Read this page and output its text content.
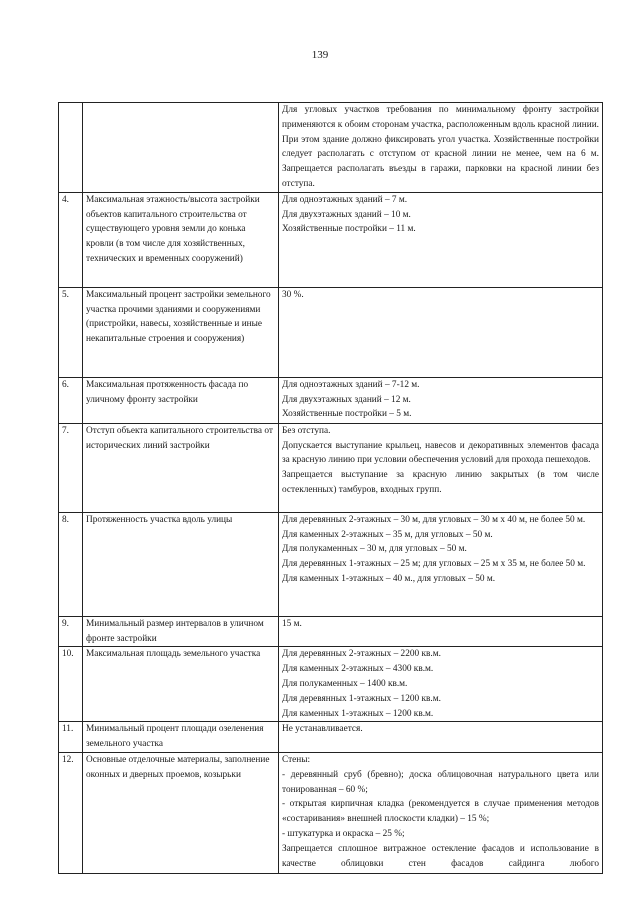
139

		Для угловых участков требования по минимальному фронту застройки применяются к обоим сторонам участка, расположенным вдоль красной линии. При этом здание должно фиксировать угол участка. Хозяйственные постройки следует располагать с отступом от красной линии не менее, чем на 6 м. Запрещается располагать въезды в гаражи, парковки на красной линии без отступа.

4.	Максимальная этажность/высота застройки объектов капитального строительства от существующего уровня земли до конька кровли (в том числе для хозяйственных, технических и временных сооружений)	Для одноэтажных зданий – 7 м.

Для двухэтажных зданий – 10 м.

Хозяйственные постройки – 11 м.

5.	Максимальный процент застройки земельного участка прочими зданиями и сооружениями (пристройки, навесы, хозяйственные и иные некапитальные строения и сооружения)	30 %.

6.	Максимальная протяженность фасада по уличному фронту застройки	Для одноэтажных зданий – 7-12 м.

Для двухэтажных зданий – 12 м.

Хозяйственные постройки – 5 м.

7.	Отступ объекта капитального строительства от исторических линий застройки	Без отступа.

Допускается выступание крыльец, навесов и декоративных элементов фасада за красную линию при условии обеспечения условий для прохода пешеходов.

Запрещается выступание за красную линию закрытых (в том числе остекленных) тамбуров, входных групп.

8.	Протяженность участка вдоль улицы	Для деревянных 2-этажных – 30 м, для угловых – 30 м х 40 м, не более 50 м.

Для каменных 2-этажных – 35 м, для угловых – 50 м.

Для полукаменных – 30 м, для угловых – 50 м.

Для деревянных 1-этажных – 25 м; для угловых – 25 м х 35 м, не более 50 м.

Для каменных 1-этажных – 40 м., для угловых – 50 м.

9.	Минимальный размер интервалов в уличном фронте застройки	15 м.

10.	Максимальная площадь земельного участка	Для деревянных 2-этажных – 2200 кв.м.

Для каменных 2-этажных – 4300 кв.м.

Для полукаменных – 1400 кв.м.

Для деревянных 1-этажных – 1200 кв.м.

Для каменных 1-этажных – 1200 кв.м.

11.	Минимальный процент площади озеленения земельного участка	Не устанавливается.

12.	Основные отделочные материалы, заполнение оконных и дверных проемов, козырьки	Стены:

- деревянный сруб (бревно); доска облицовочная натурального цвета или тонированная – 60 %;

- открытая кирпичная кладка (рекомендуется в случае применения методов «состаривания» внешней плоскости кладки) – 15 %;

- штукатурка и окраска – 25 %;

Запрещается сплошное витражное остекление фасадов и использование в качестве облицовки стен фасадов сайдинга любого
